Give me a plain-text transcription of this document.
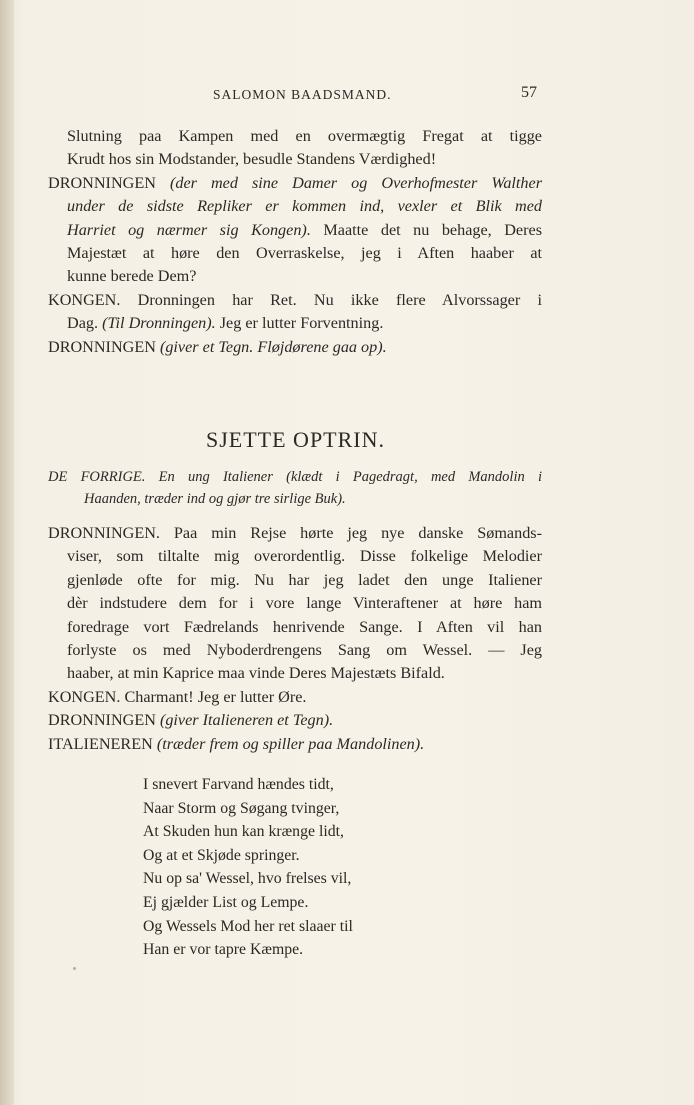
SALOMON BAADSMAND.	57
Slutning paa Kampen med en overmægtig Fregat at tigge
Krudt hos sin Modstander, besudle Standens Værdighed!
DRONNINGEN (der med sine Damer og Overhofmester Walther
under de sidste Repliker er kommen ind, vexler et Blik med
Harriet og nærmer sig Kongen). Maatte det nu behage, Deres
Majestæt at høre den Overraskelse, jeg i Aften haaber at
kunne berede Dem?
KONGEN. Dronningen har Ret. Nu ikke flere Alvorssager i
Dag. (Til Dronningen). Jeg er lutter Forventning.
DRONNINGEN (giver et Tegn. Fløjdørene gaa op).
SJETTE OPTRIN.
DE FORRIGE. En ung Italiener (klædt i Pagedragt, med Mandolin i
Haanden, træder ind og gjør tre sirlige Buk).
DRONNINGEN. Paa min Rejse hørte jeg nye danske Sømands-
viser, som tiltalte mig overordentlig. Disse folkelige Melodier
gjenløde ofte for mig. Nu har jeg ladet den unge Italiener
dèr indstudere dem for i vore lange Vinteraftener at høre ham
foredrage vort Fædrelands henrivende Sange. I Aften vil han
forlyste os med Nyboderdrengens Sang om Wessel. — Jeg
haaber, at min Kaprice maa vinde Deres Majestæts Bifald.
KONGEN. Charmant! Jeg er lutter Øre.
DRONNINGEN (giver Italieneren et Tegn).
ITALIENEREN (træder frem og spiller paa Mandolinen).
I snevert Farvand hændes tidt,
Naar Storm og Søgang tvinger,
At Skuden hun kan krænge lidt,
Og at et Skjøde springer.
Nu op sa' Wessel, hvo frelses vil,
Ej gjælder List og Lempe.
Og Wessels Mod her ret slaaer til
Han er vor tapre Kæmpe.
